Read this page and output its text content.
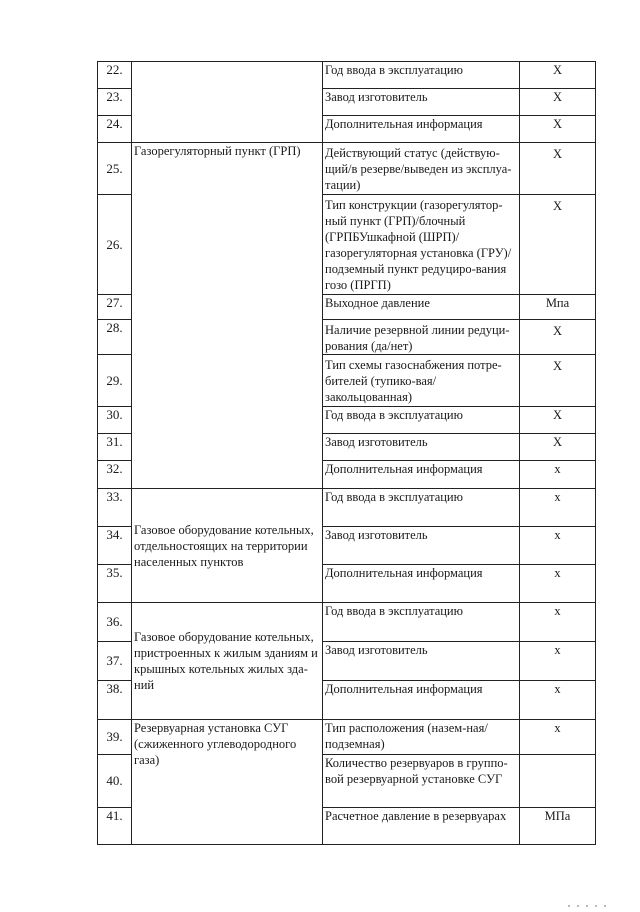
22.		Год ввода в эксплуатацию	X
23.		Завод изготовитель	X
24.		Дополнительная информация	X
25.	Газорегуляторный пункт (ГРП)	Действующий статус (действую-щий/в резерве/выведен из эксплуа-тации)	X
26.		Тип конструкции (газорегулятор-ный пункт (ГРП)/блочный (ГРПБУшкафной (ШРП)/газорегуляторная установка (ГРУ)/подземный пункт редуциро-вания гозо (ПРГП)	X
27.		Выходное давление	Мпа
28.		Наличие резервной линии редуци-рования (да/нет)	X
29.		Тип схемы газоснабжения потре-бителей (тупико-вая/закольцованная)	X
30.		Год ввода в эксплуатацию	X
31.		Завод изготовитель	X
32.		Дополнительная информация	x
33.	Газовое оборудование котельных, отдельностоящих на территории населенных пунктов	Год ввода в эксплуатацию	x
34.		Завод изготовитель	x
35.		Дополнительная информация	x
36.	Газовое оборудование котельных, пристроенных к жилым зданиям и крышных котельных жилых зда-ний	Год ввода в эксплуатацию	x
37.		Завод изготовитель	x
38.		Дополнительная информация	x
39.	Резервуарная установка СУГ (сжиженного углеводородного газа)	Тип расположения (назем-ная/подземная)	x
40.		Количество резервуаров в группо-вой резервуарной установке СУГ	
41.		Расчетное давление в резервуарах	МПа
